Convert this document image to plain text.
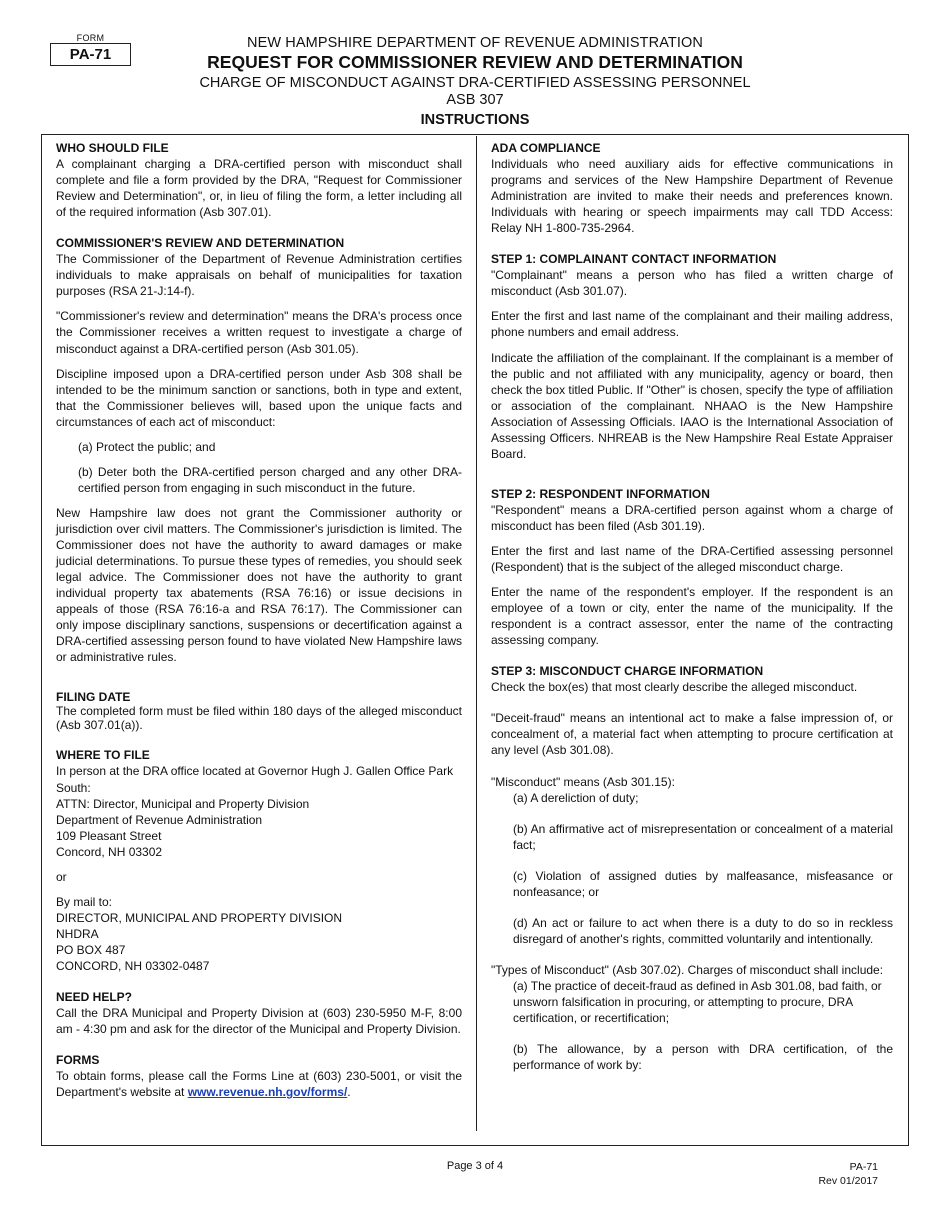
FORM
PA-71
NEW HAMPSHIRE DEPARTMENT OF REVENUE ADMINISTRATION
REQUEST FOR COMMISSIONER REVIEW AND DETERMINATION
CHARGE OF MISCONDUCT AGAINST DRA-CERTIFIED ASSESSING PERSONNEL
ASB 307
INSTRUCTIONS
WHO SHOULD FILE

A complainant charging a DRA-certified person with misconduct shall complete and file a form provided by the DRA, "Request for Commissioner Review and Determination", or, in lieu of filing the form, a letter including all of the required information (Asb 307.01).

COMMISSIONER'S REVIEW AND DETERMINATION

The Commissioner of the Department of Revenue Administration certifies individuals to make appraisals on behalf of municipalities for taxation purposes (RSA 21-J:14-f).

"Commissioner's review and determination" means the DRA's process once the Commissioner receives a written request to investigate a charge of misconduct against a DRA-certified person (Asb 301.05).

Discipline imposed upon a DRA-certified person under Asb 308 shall be intended to be the minimum sanction or sanctions, both in type and extent, that the Commissioner believes will, based upon the unique facts and circumstances of each act of misconduct:

(a) Protect the public; and

(b) Deter both the DRA-certified person charged and any other DRA-certified person from engaging in such misconduct in the future.

New Hampshire law does not grant the Commissioner authority or jurisdiction over civil matters. The Commissioner's jurisdiction is limited. The Commissioner does not have the authority to award damages or make judicial determinations. To pursue these types of remedies, you should seek legal advice. The Commissioner does not have the authority to grant individual property tax abatements (RSA 76:16) or issue decisions in appeals of those (RSA 76:16-a and RSA 76:17). The Commissioner can only impose disciplinary sanctions, suspensions or decertification against a DRA-certified assessing person found to have violated New Hampshire laws or administrative rules.

FILING DATE

The completed form must be filed within 180 days of the alleged misconduct (Asb 307.01(a)).

WHERE TO FILE
In person at the DRA office located at Governor Hugh J. Gallen Office Park South:
ATTN: Director, Municipal and Property Division
Department of Revenue Administration
109 Pleasant Street
Concord, NH 03302
or
By mail to:
DIRECTOR, MUNICIPAL AND PROPERTY DIVISION
NHDRA
PO BOX 487
CONCORD, NH 03302-0487
NEED HELP?

Call the DRA Municipal and Property Division at (603) 230-5950 M-F, 8:00 am - 4:30 pm and ask for the director of the Municipal and Property Division.

FORMS

To obtain forms, please call the Forms Line at (603) 230-5001, or visit the Department's website at www.revenue.nh.gov/forms/.

ADA COMPLIANCE

Individuals who need auxiliary aids for effective communications in programs and services of the New Hampshire Department of Revenue Administration are invited to make their needs and preferences known. Individuals with hearing or speech impairments may call TDD Access: Relay NH 1-800-735-2964.

STEP 1: COMPLAINANT CONTACT INFORMATION

"Complainant" means a person who has filed a written charge of misconduct (Asb 301.07).

Enter the first and last name of the complainant and their mailing address, phone numbers and email address.

Indicate the affiliation of the complainant. If the complainant is a member of the public and not affiliated with any municipality, agency or board, then check the box titled Public. If "Other" is chosen, specify the type of affiliation or association of the complainant. NHAAO is the New Hampshire Association of Assessing Officials. IAAO is the International Association of Assessing Officers. NHREAB is the New Hampshire Real Estate Appraiser Board.

STEP 2: RESPONDENT INFORMATION

"Respondent" means a DRA-certified person against whom a charge of misconduct has been filed (Asb 301.19).

Enter the first and last name of the DRA-Certified assessing personnel (Respondent) that is the subject of the alleged misconduct charge.

Enter the name of the respondent's employer. If the respondent is an employee of a town or city, enter the name of the municipality. If the respondent is a contract assessor, enter the name of the contracting assessing company.

STEP 3: MISCONDUCT CHARGE INFORMATION

Check the box(es) that most clearly describe the alleged misconduct.

"Deceit-fraud" means an intentional act to make a false impression of, or concealment of, a material fact when attempting to procure certification at any level (Asb 301.08).

"Misconduct" means (Asb 301.15):

(a) A dereliction of duty;

(b) An affirmative act of misrepresentation or concealment of a material fact;

(c) Violation of assigned duties by malfeasance, misfeasance or nonfeasance; or

(d) An act or failure to act when there is a duty to do so in reckless disregard of another's rights, committed voluntarily and intentionally.

"Types of Misconduct" (Asb 307.02). Charges of misconduct shall include:

(a) The practice of deceit-fraud as defined in Asb 301.08, bad faith, or unsworn falsification in procuring, or attempting to procure, DRA certification, or recertification;

(b) The allowance, by a person with DRA certification, of the performance of work by:

Page 3 of 4	PA-71
Rev 01/2017
